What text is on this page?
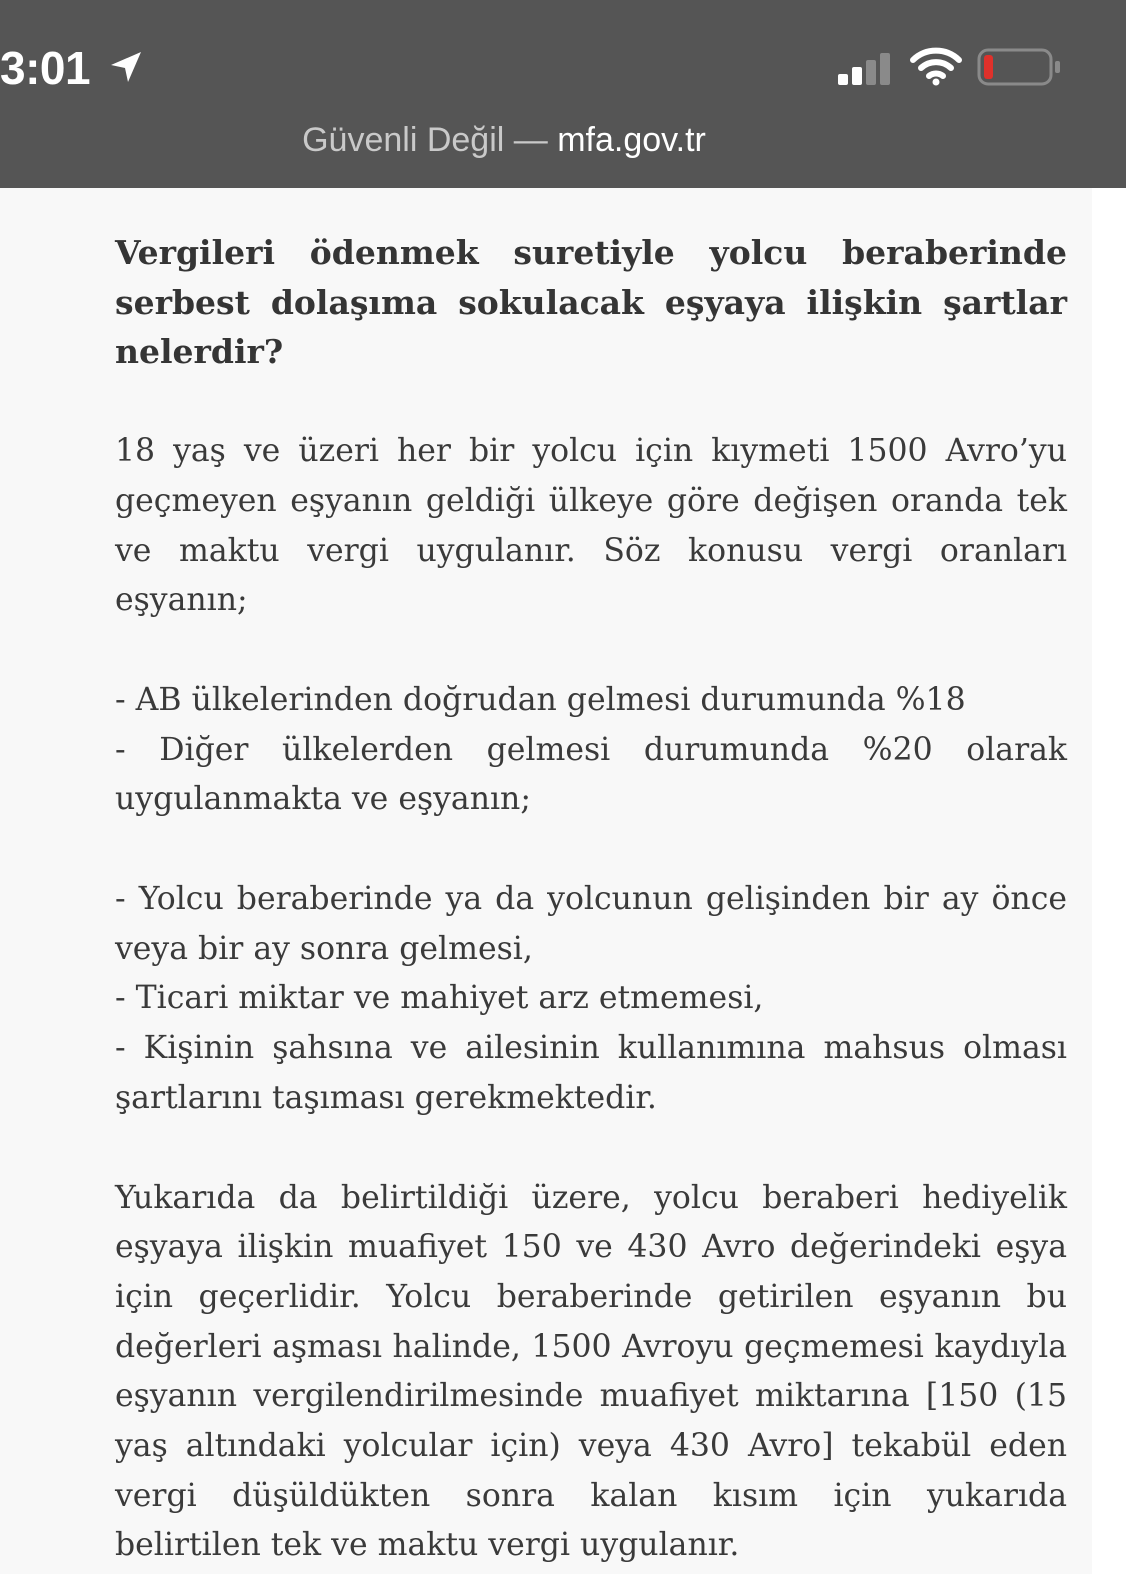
3:01
Güvenli Değil — mfa.gov.tr

Vergileri ödenmek suretiyle yolcu beraberinde serbest dolaşıma sokulacak eşyaya ilişkin şartlar nelerdir?

18 yaş ve üzeri her bir yolcu için kıymeti 1500 Avro’yu geçmeyen eşyanın geldiği ülkeye göre değişen oranda tek ve maktu vergi uygulanır. Söz konusu vergi oranları eşyanın;

- AB ülkelerinden doğrudan gelmesi durumunda %18
- Diğer ülkelerden gelmesi durumunda %20 olarak uygulanmakta ve eşyanın;

- Yolcu beraberinde ya da yolcunun gelişinden bir ay önce veya bir ay sonra gelmesi,
- Ticari miktar ve mahiyet arz etmemesi,
- Kişinin şahsına ve ailesinin kullanımına mahsus olması şartlarını taşıması gerekmektedir.

Yukarıda da belirtildiği üzere, yolcu beraberi hediyelik eşyaya ilişkin muafiyet 150 ve 430 Avro değerindeki eşya için geçerlidir. Yolcu beraberinde getirilen eşyanın bu değerleri aşması halinde, 1500 Avroyu geçmemesi kaydıyla eşyanın vergilendirilmesinde muafiyet miktarına [150 (15 yaş altındaki yolcular için) veya 430 Avro] tekabül eden vergi düşüldükten sonra kalan kısım için yukarıda belirtilen tek ve maktu vergi uygulanır.
